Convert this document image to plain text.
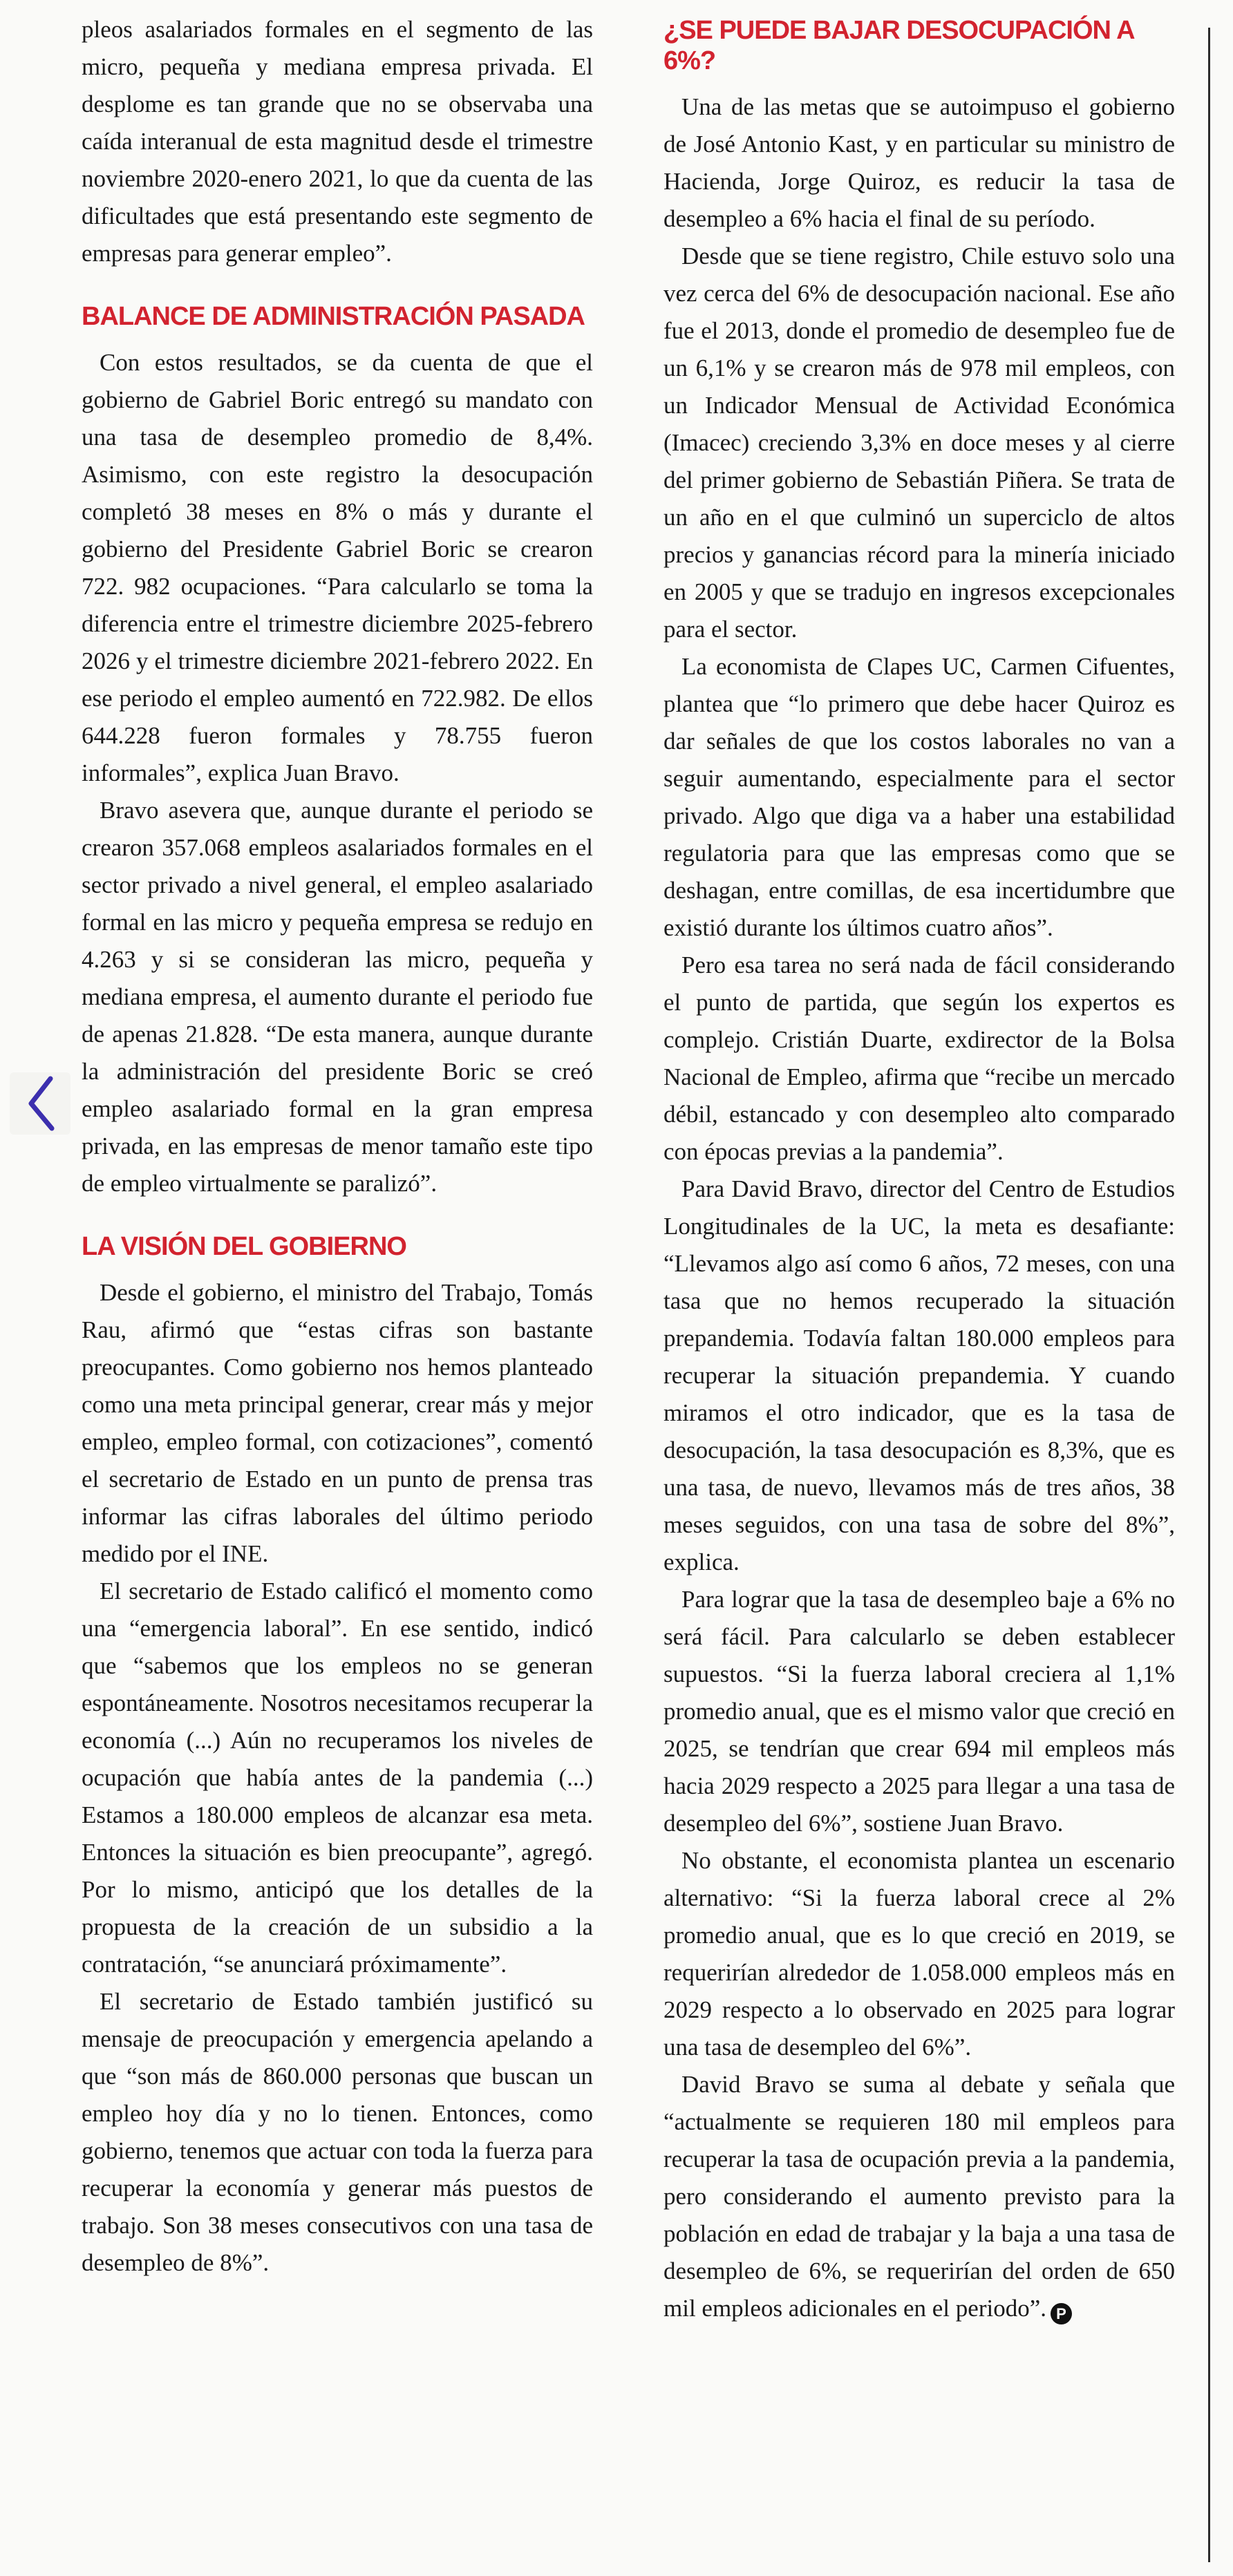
pleos asalariados formales en el segmento de las micro, pequeña y mediana empresa privada. El desplome es tan grande que no se observaba una caída interanual de esta magnitud desde el trimestre noviembre 2020-enero 2021, lo que da cuenta de las dificultades que está presentando este segmento de empresas para generar empleo”.

BALANCE DE ADMINISTRACIÓN PASADA

Con estos resultados, se da cuenta de que el gobierno de Gabriel Boric entregó su mandato con una tasa de desempleo promedio de 8,4%. Asimismo, con este registro la desocupación completó 38 meses en 8% o más y durante el gobierno del Presidente Gabriel Boric se crearon 722. 982 ocupaciones. “Para calcularlo se toma la diferencia entre el trimestre diciembre 2025-febrero 2026 y el trimestre diciembre 2021-febrero 2022. En ese periodo el empleo aumentó en 722.982. De ellos 644.228 fueron formales y 78.755 fueron informales”, explica Juan Bravo.

Bravo asevera que, aunque durante el periodo se crearon 357.068 empleos asalariados formales en el sector privado a nivel general, el empleo asalariado formal en las micro y pequeña empresa se redujo en 4.263 y si se consideran las micro, pequeña y mediana empresa, el aumento durante el periodo fue de apenas 21.828. “De esta manera, aunque durante la administración del presidente Boric se creó empleo asalariado formal en la gran empresa privada, en las empresas de menor tamaño este tipo de empleo virtualmente se paralizó”.

LA VISIÓN DEL GOBIERNO

Desde el gobierno, el ministro del Trabajo, Tomás Rau, afirmó que “estas cifras son bastante preocupantes. Como gobierno nos hemos planteado como una meta principal generar, crear más y mejor empleo, empleo formal, con cotizaciones”, comentó el secretario de Estado en un punto de prensa tras informar las cifras laborales del último periodo medido por el INE.

El secretario de Estado calificó el momento como una “emergencia laboral”. En ese sentido, indicó que “sabemos que los empleos no se generan espontáneamente. Nosotros necesitamos recuperar la economía (...) Aún no recuperamos los niveles de ocupación que había antes de la pandemia (...) Estamos a 180.000 empleos de alcanzar esa meta. Entonces la situación es bien preocupante”, agregó. Por lo mismo, anticipó que los detalles de la propuesta de la creación de un subsidio a la contratación, “se anunciará próximamente”.

El secretario de Estado también justificó su mensaje de preocupación y emergencia apelando a que “son más de 860.000 personas que buscan un empleo hoy día y no lo tienen. Entonces, como gobierno, tenemos que actuar con toda la fuerza para recuperar la economía y generar más puestos de trabajo. Son 38 meses consecutivos con una tasa de desempleo de 8%”.

¿SE PUEDE BAJAR DESOCUPACIÓN A 6%?

Una de las metas que se autoimpuso el gobierno de José Antonio Kast, y en particular su ministro de Hacienda, Jorge Quiroz, es reducir la tasa de desempleo a 6% hacia el final de su período.

Desde que se tiene registro, Chile estuvo solo una vez cerca del 6% de desocupación nacional. Ese año fue el 2013, donde el promedio de desempleo fue de un 6,1% y se crearon más de 978 mil empleos, con un Indicador Mensual de Actividad Económica (Imacec) creciendo 3,3% en doce meses y al cierre del primer gobierno de Sebastián Piñera. Se trata de un año en el que culminó un superciclo de altos precios y ganancias récord para la minería iniciado en 2005 y que se tradujo en ingresos excepcionales para el sector.

La economista de Clapes UC, Carmen Cifuentes, plantea que “lo primero que debe hacer Quiroz es dar señales de que los costos laborales no van a seguir aumentando, especialmente para el sector privado. Algo que diga va a haber una estabilidad regulatoria para que las empresas como que se deshagan, entre comillas, de esa incertidumbre que existió durante los últimos cuatro años”.

Pero esa tarea no será nada de fácil considerando el punto de partida, que según los expertos es complejo. Cristián Duarte, exdirector de la Bolsa Nacional de Empleo, afirma que “recibe un mercado débil, estancado y con desempleo alto comparado con épocas previas a la pandemia”.

Para David Bravo, director del Centro de Estudios Longitudinales de la UC, la meta es desafiante: “Llevamos algo así como 6 años, 72 meses, con una tasa que no hemos recuperado la situación prepandemia. Todavía faltan 180.000 empleos para recuperar la situación prepandemia. Y cuando miramos el otro indicador, que es la tasa de desocupación, la tasa desocupación es 8,3%, que es una tasa, de nuevo, llevamos más de tres años, 38 meses seguidos, con una tasa de sobre del 8%”, explica.

Para lograr que la tasa de desempleo baje a 6% no será fácil. Para calcularlo se deben establecer supuestos. “Si la fuerza laboral creciera al 1,1% promedio anual, que es el mismo valor que creció en 2025, se tendrían que crear 694 mil empleos más hacia 2029 respecto a 2025 para llegar a una tasa de desempleo del 6%”, sostiene Juan Bravo.

No obstante, el economista plantea un escenario alternativo: “Si la fuerza laboral crece al 2% promedio anual, que es lo que creció en 2019, se requerirían alrededor de 1.058.000 empleos más en 2029 respecto a lo observado en 2025 para lograr una tasa de desempleo del 6%”.

David Bravo se suma al debate y señala que “actualmente se requieren 180 mil empleos para recuperar la tasa de ocupación previa a la pandemia, pero considerando el aumento previsto para la población en edad de trabajar y la baja a una tasa de desempleo de 6%, se requerirían del orden de 650 mil empleos adicionales en el periodo”. P
